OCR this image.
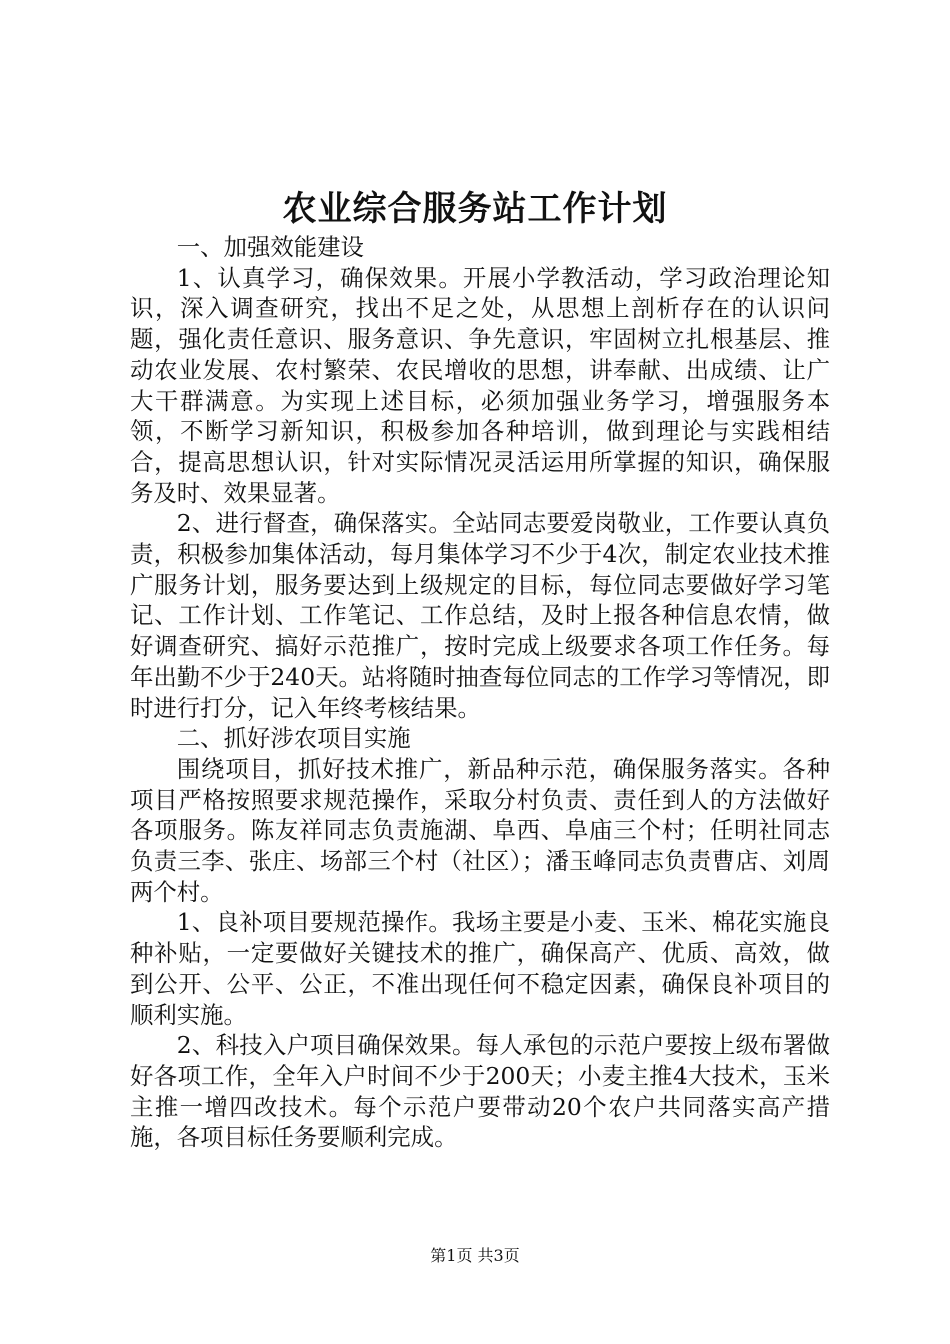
农业综合服务站工作计划

一、加强效能建设

1、认真学习，确保效果。开展小学教活动，学习政治理论知识，深入调查研究，找出不足之处，从思想上剖析存在的认识问题，强化责任意识、服务意识、争先意识，牢固树立扎根基层、推动农业发展、农村繁荣、农民增收的思想，讲奉献、出成绩、让广大干群满意。为实现上述目标，必须加强业务学习，增强服务本领，不断学习新知识，积极参加各种培训，做到理论与实践相结合，提高思想认识，针对实际情况灵活运用所掌握的知识，确保服务及时、效果显著。

2、进行督查，确保落实。全站同志要爱岗敬业，工作要认真负责，积极参加集体活动，每月集体学习不少于4次，制定农业技术推广服务计划，服务要达到上级规定的目标，每位同志要做好学习笔记、工作计划、工作笔记、工作总结，及时上报各种信息农情，做好调查研究、搞好示范推广，按时完成上级要求各项工作任务。每年出勤不少于240天。站将随时抽查每位同志的工作学习等情况，即时进行打分，记入年终考核结果。

二、抓好涉农项目实施

围绕项目，抓好技术推广，新品种示范，确保服务落实。各种项目严格按照要求规范操作，采取分村负责、责任到人的方法做好各项服务。陈友祥同志负责施湖、阜西、阜庙三个村；任明社同志负责三李、张庄、场部三个村（社区）；潘玉峰同志负责曹店、刘周两个村。

1、良补项目要规范操作。我场主要是小麦、玉米、棉花实施良种补贴，一定要做好关键技术的推广，确保高产、优质、高效，做到公开、公平、公正，不准出现任何不稳定因素，确保良补项目的顺利实施。

2、科技入户项目确保效果。每人承包的示范户要按上级布署做好各项工作，全年入户时间不少于200天；小麦主推4大技术，玉米主推一增四改技术。每个示范户要带动20个农户共同落实高产措施，各项目标任务要顺利完成。

第1页 共3页
